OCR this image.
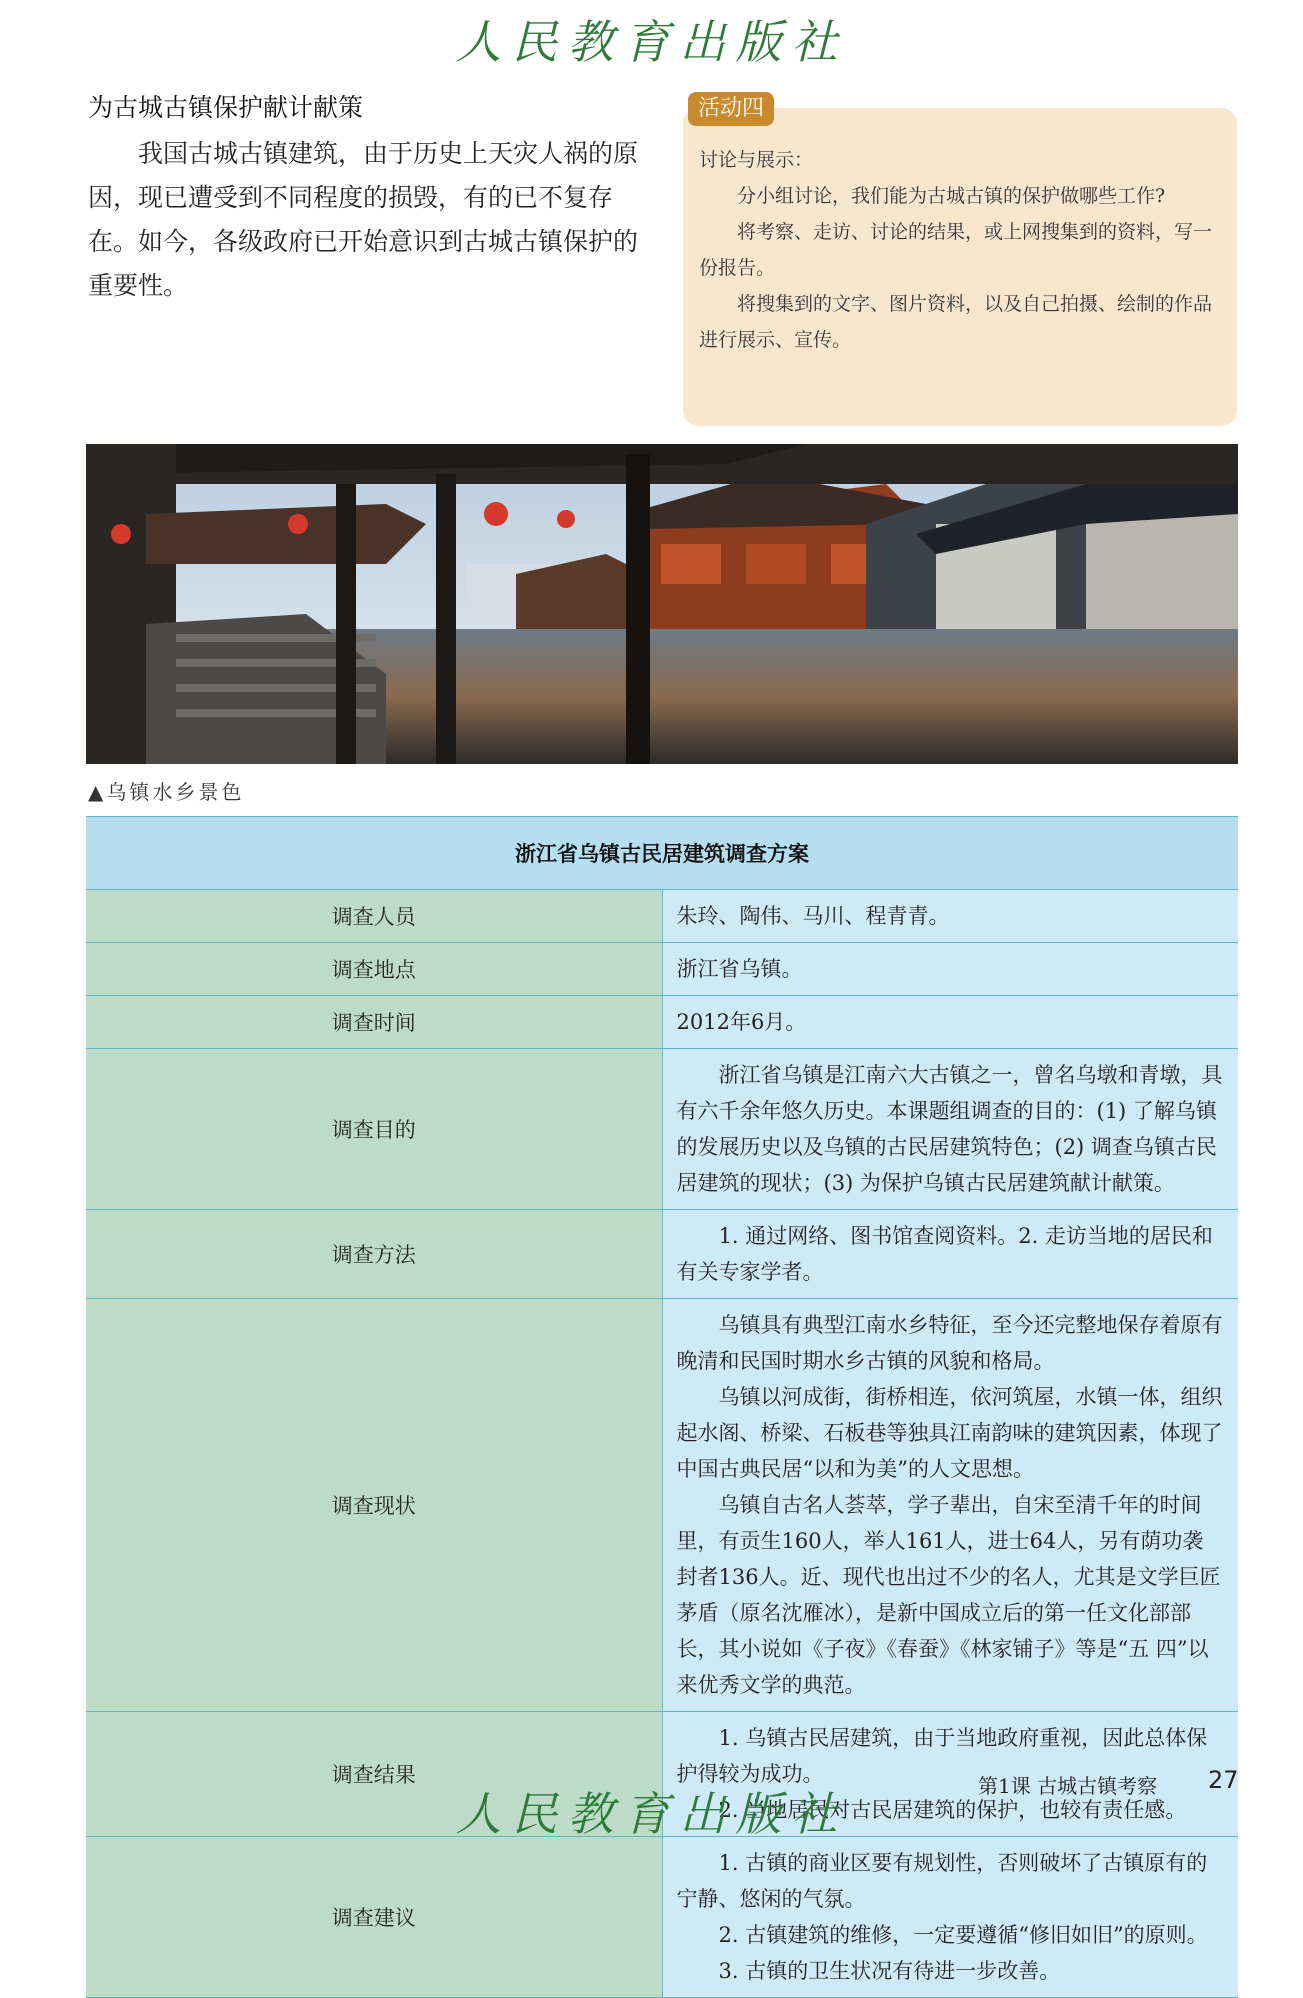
人民教育出版社
为古城古镇保护献计献策

我国古城古镇建筑，由于历史上天灾人祸的原因，现已遭受到不同程度的损毁，有的已不复存在。如今，各级政府已开始意识到古城古镇保护的重要性。

讨论与展示：

分小组讨论，我们能为古城古镇的保护做哪些工作?

将考察、走访、讨论的结果，或上网搜集到的资料，写一份报告。

将搜集到的文字、图片资料，以及自己拍摄、绘制的作品进行展示、宣传。

活动四
▲乌镇水乡景色
浙江省乌镇古民居建筑调查方案	
调查人员	朱玲、陶伟、马川、程青青。

调查地点	浙江省乌镇。

调查时间	2012年6月。

调查目的	浙江省乌镇是江南六大古镇之一，曾名乌墩和青墩，具有六千余年悠久历史。本课题组调查的目的：(1) 了解乌镇的发展历史以及乌镇的古民居建筑特色；(2) 调查乌镇古民居建筑的现状；(3) 为保护乌镇古民居建筑献计献策。

调查方法	1. 通过网络、图书馆查阅资料。2. 走访当地的居民和有关专家学者。

调查现状	乌镇具有典型江南水乡特征，至今还完整地保存着原有晚清和民国时期水乡古镇的风貌和格局。

乌镇以河成街，街桥相连，依河筑屋，水镇一体，组织起水阁、桥梁、石板巷等独具江南韵味的建筑因素，体现了中国古典民居“以和为美”的人文思想。

乌镇自古名人荟萃，学子辈出，自宋至清千年的时间里，有贡生160人，举人161人，进士64人，另有荫功袭封者136人。近、现代也出过不少的名人，尤其是文学巨匠茅盾（原名沈雁冰），是新中国成立后的第一任文化部部长，其小说如《子夜》《春蚕》《林家铺子》等是“五 四”以来优秀文学的典范。

调查结果	1. 乌镇古民居建筑，由于当地政府重视，因此总体保护得较为成功。

2. 当地居民对古民居建筑的保护，也较有责任感。

调查建议	1. 古镇的商业区要有规划性，否则破坏了古镇原有的宁静、悠闲的气氛。

2. 古镇建筑的维修，一定要遵循“修旧如旧”的原则。

3. 古镇的卫生状况有待进一步改善。

第1课 古城古镇考察 27
人民教育出版社
